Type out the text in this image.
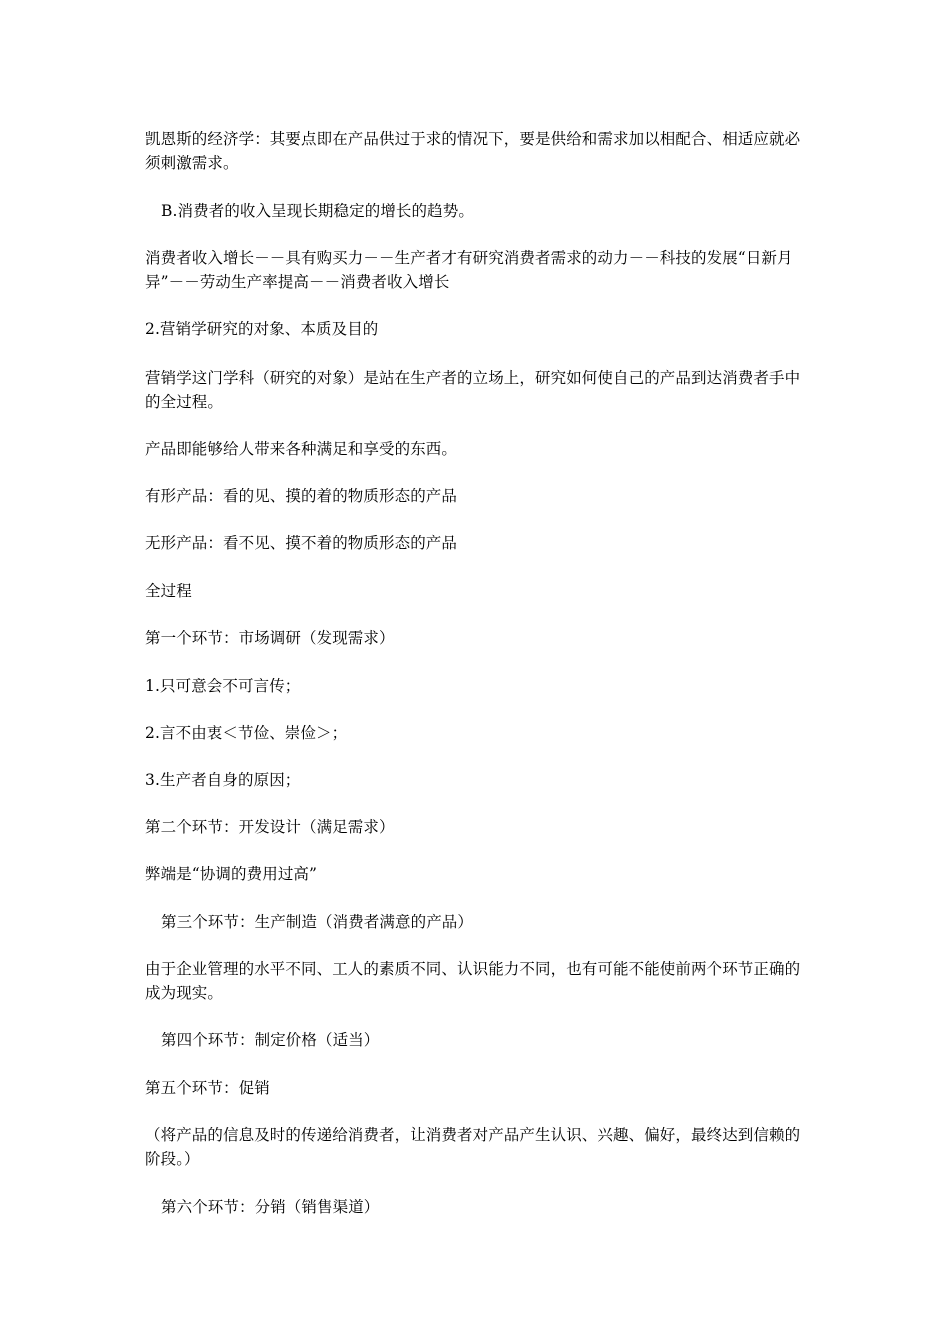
凯恩斯的经济学：其要点即在产品供过于求的情况下，要是供给和需求加以相配合、相适应就必须刺激需求。

B.消费者的收入呈现长期稳定的增长的趋势。

消费者收入增长－－具有购买力－－生产者才有研究消费者需求的动力－－科技的发展“日新月异”－－劳动生产率提高－－消费者收入增长

2.营销学研究的对象、本质及目的

营销学这门学科（研究的对象）是站在生产者的立场上，研究如何使自己的产品到达消费者手中的全过程。

产品即能够给人带来各种满足和享受的东西。

有形产品：看的见、摸的着的物质形态的产品

无形产品：看不见、摸不着的物质形态的产品

全过程

第一个环节：市场调研（发现需求）

1.只可意会不可言传；

2.言不由衷＜节俭、崇俭＞；

3.生产者自身的原因；

第二个环节：开发设计（满足需求）

弊端是“协调的费用过高”

第三个环节：生产制造（消费者满意的产品）

由于企业管理的水平不同、工人的素质不同、认识能力不同，也有可能不能使前两个环节正确的成为现实。

第四个环节：制定价格（适当）

第五个环节：促销

（将产品的信息及时的传递给消费者，让消费者对产品产生认识、兴趣、偏好，最终达到信赖的阶段。）

第六个环节：分销（销售渠道）
